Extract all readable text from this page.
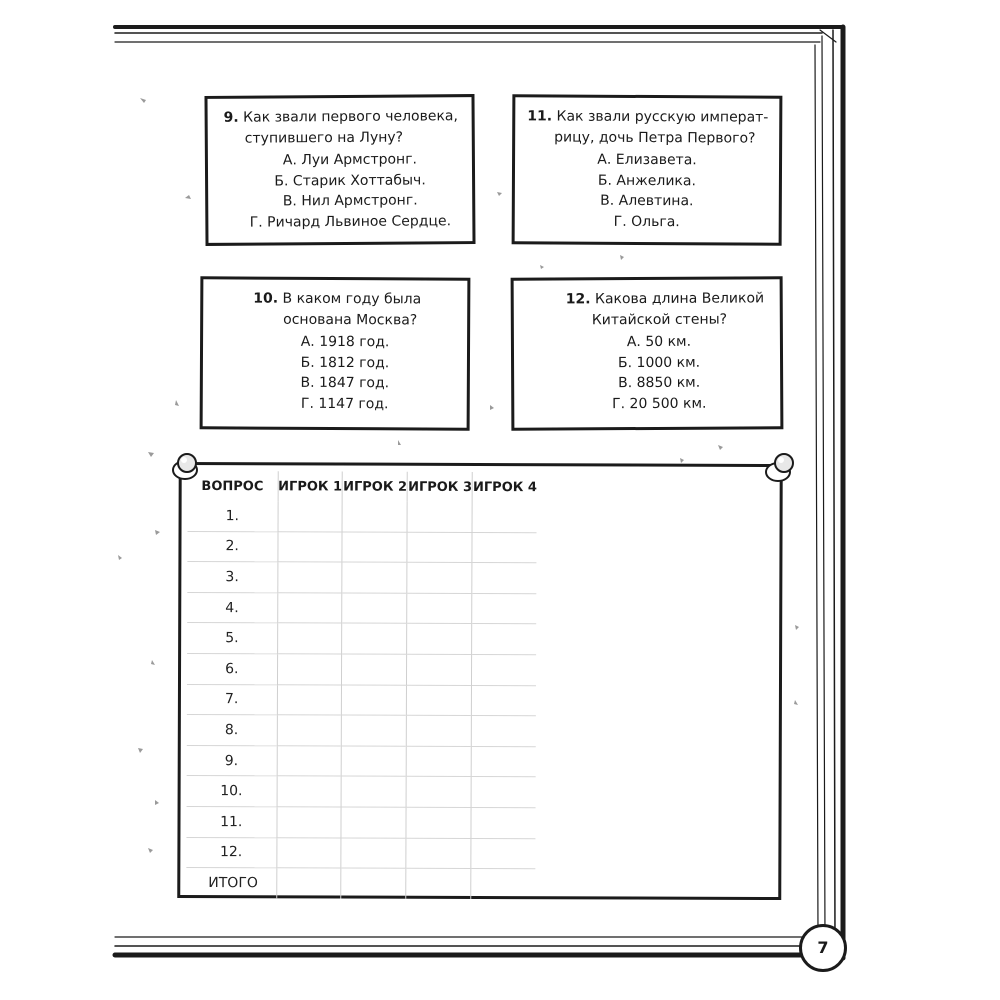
9. Как звали первого человека,
ступившего на Луну?
А. Луи Армстронг.
Б. Старик Хоттабыч.
В. Нил Армстронг.
Г. Ричард Львиное Сердце.
11. Как звали русскую императ-
рицу, дочь Петра Первого?
А. Елизавета.
Б. Анжелика.
В. Алевтина.
Г. Ольга.
10. В каком году была
основана Москва?
А. 1918 год.
Б. 1812 год.
В. 1847 год.
Г. 1147 год.
12. Какова длина Великой
Китайской стены?
А. 50 км.
Б. 1000 км.
В. 8850 км.
Г. 20 500 км.
ВОПРОС	ИГРОК 1	ИГРОК 2	ИГРОК 3	ИГРОК 4
1.				
2.				
3.				
4.				
5.				
6.				
7.				
8.				
9.				
10.				
11.				
12.				
ИТОГО				
7
